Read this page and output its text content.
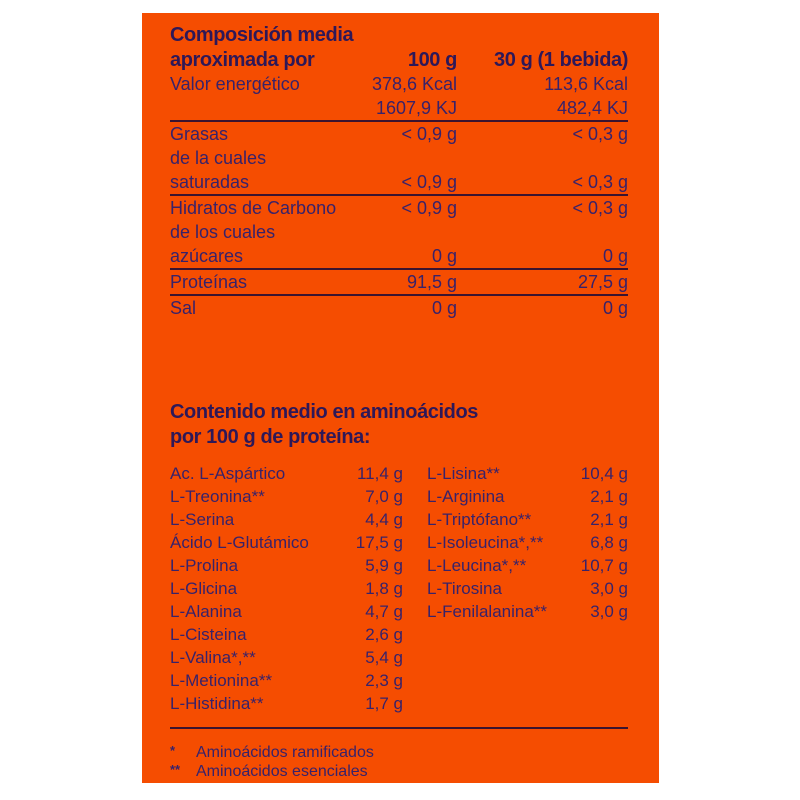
Composición media
aproximada por	100 g 30 g (1 bebida)
Valor energético	378,6 Kcal	113,6 Kcal
1607,9 KJ	482,4 KJ
Grasas	< 0,9 g	< 0,3 g
de la cuales
saturadas	< 0,9 g	< 0,3 g
Hidratos de Carbono	< 0,9 g	< 0,3 g
de los cuales
azúcares	0 g	0 g
Proteínas	91,5 g	27,5 g
Sal	0 g	0 g
Contenido medio en aminoácidos
por 100 g de proteína:
Ac. L-Aspártico	11,4 g
L-Treonina**	7,0 g
L-Serina	4,4 g
Ácido L-Glutámico	17,5 g
L-Prolina	5,9 g
L-Glicina	1,8 g
L-Alanina	4,7 g
L-Cisteina	2,6 g
L-Valina*,**	5,4 g
L-Metionina**	2,3 g
L-Histidina**	1,7 g
L-Lisina**	10,4 g
L-Arginina	2,1 g
L-Triptófano**	2,1 g
L-Isoleucina*,**	6,8 g
L-Leucina*,**	10,7 g
L-Tirosina	3,0 g
L-Fenilalanina**	3,0 g
*	Aminoácidos ramificados
** Aminoácidos esenciales
